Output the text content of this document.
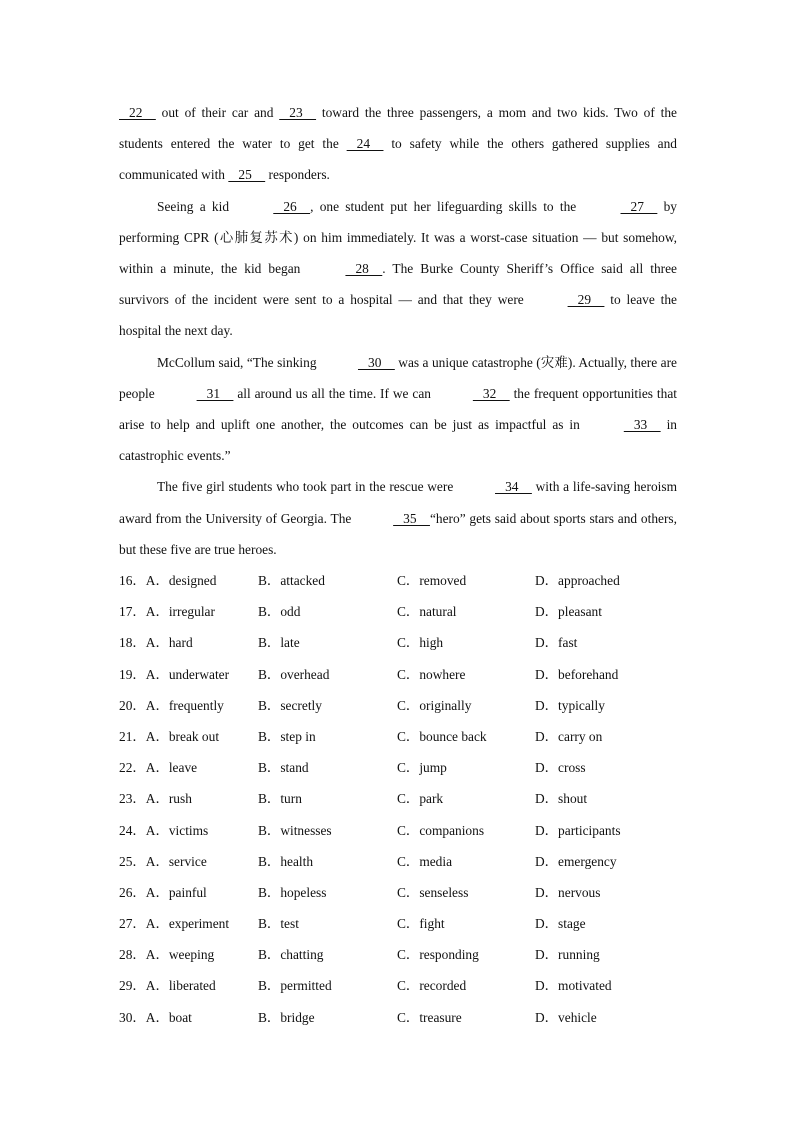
22     out of their car and    23     toward the three passengers, a mom and two kids. Two of the students entered the water to get the    24     to safety while the others gathered supplies and communicated with    25     responders.

Seeing a kid	26    , one student put her lifeguarding skills to the	27     by performing CPR (心肺复苏术) on him immediately. It was a worst-case situation — but somehow, within a minute, the kid began	28    . The Burke County Sheriff’s Office said all three survivors of the incident were sent to a hospital — and that they were	29     to leave the hospital the next day.

McCollum said, “The sinking	30     was a unique catastrophe (灾难). Actually, there are people	31     all around us all the time. If we can	32     the frequent opportunities that arise to help and uplift one another, the outcomes can be just as impactful as in	33     in catastrophic events.”

The five girl students who took part in the rescue were	34     with a life-saving heroism award from the University of Georgia. The	35    “hero” gets said about sports stars and others, but these five are true heroes.

16．A．designed	B．attacked	C．removed	D．approached
17．A．irregular	B．odd	C．natural	D．pleasant
18．A．hard	B．late	C．high	D．fast
19．A．underwater B．overhead	C．nowhere	D．beforehand
20．A．frequently	B．secretly	C．originally	D．typically
21．A．break out	B．step in	C．bounce back	D．carry on
22．A．leave	B．stand	C．jump	D．cross
23．A．rush	B．turn	C．park	D．shout
24．A．victims	B．witnesses	C．companions	D．participants
25．A．service	B．health	C．media	D．emergency
26．A．painful	B．hopeless	C．senseless	D．nervous
27．A．experiment B．test	C．fight	D．stage
28．A．weeping	B．chatting	C．responding	D．running
29．A．liberated	B．permitted	C．recorded	D．motivated
30．A．boat	B．bridge	C．treasure	D．vehicle
